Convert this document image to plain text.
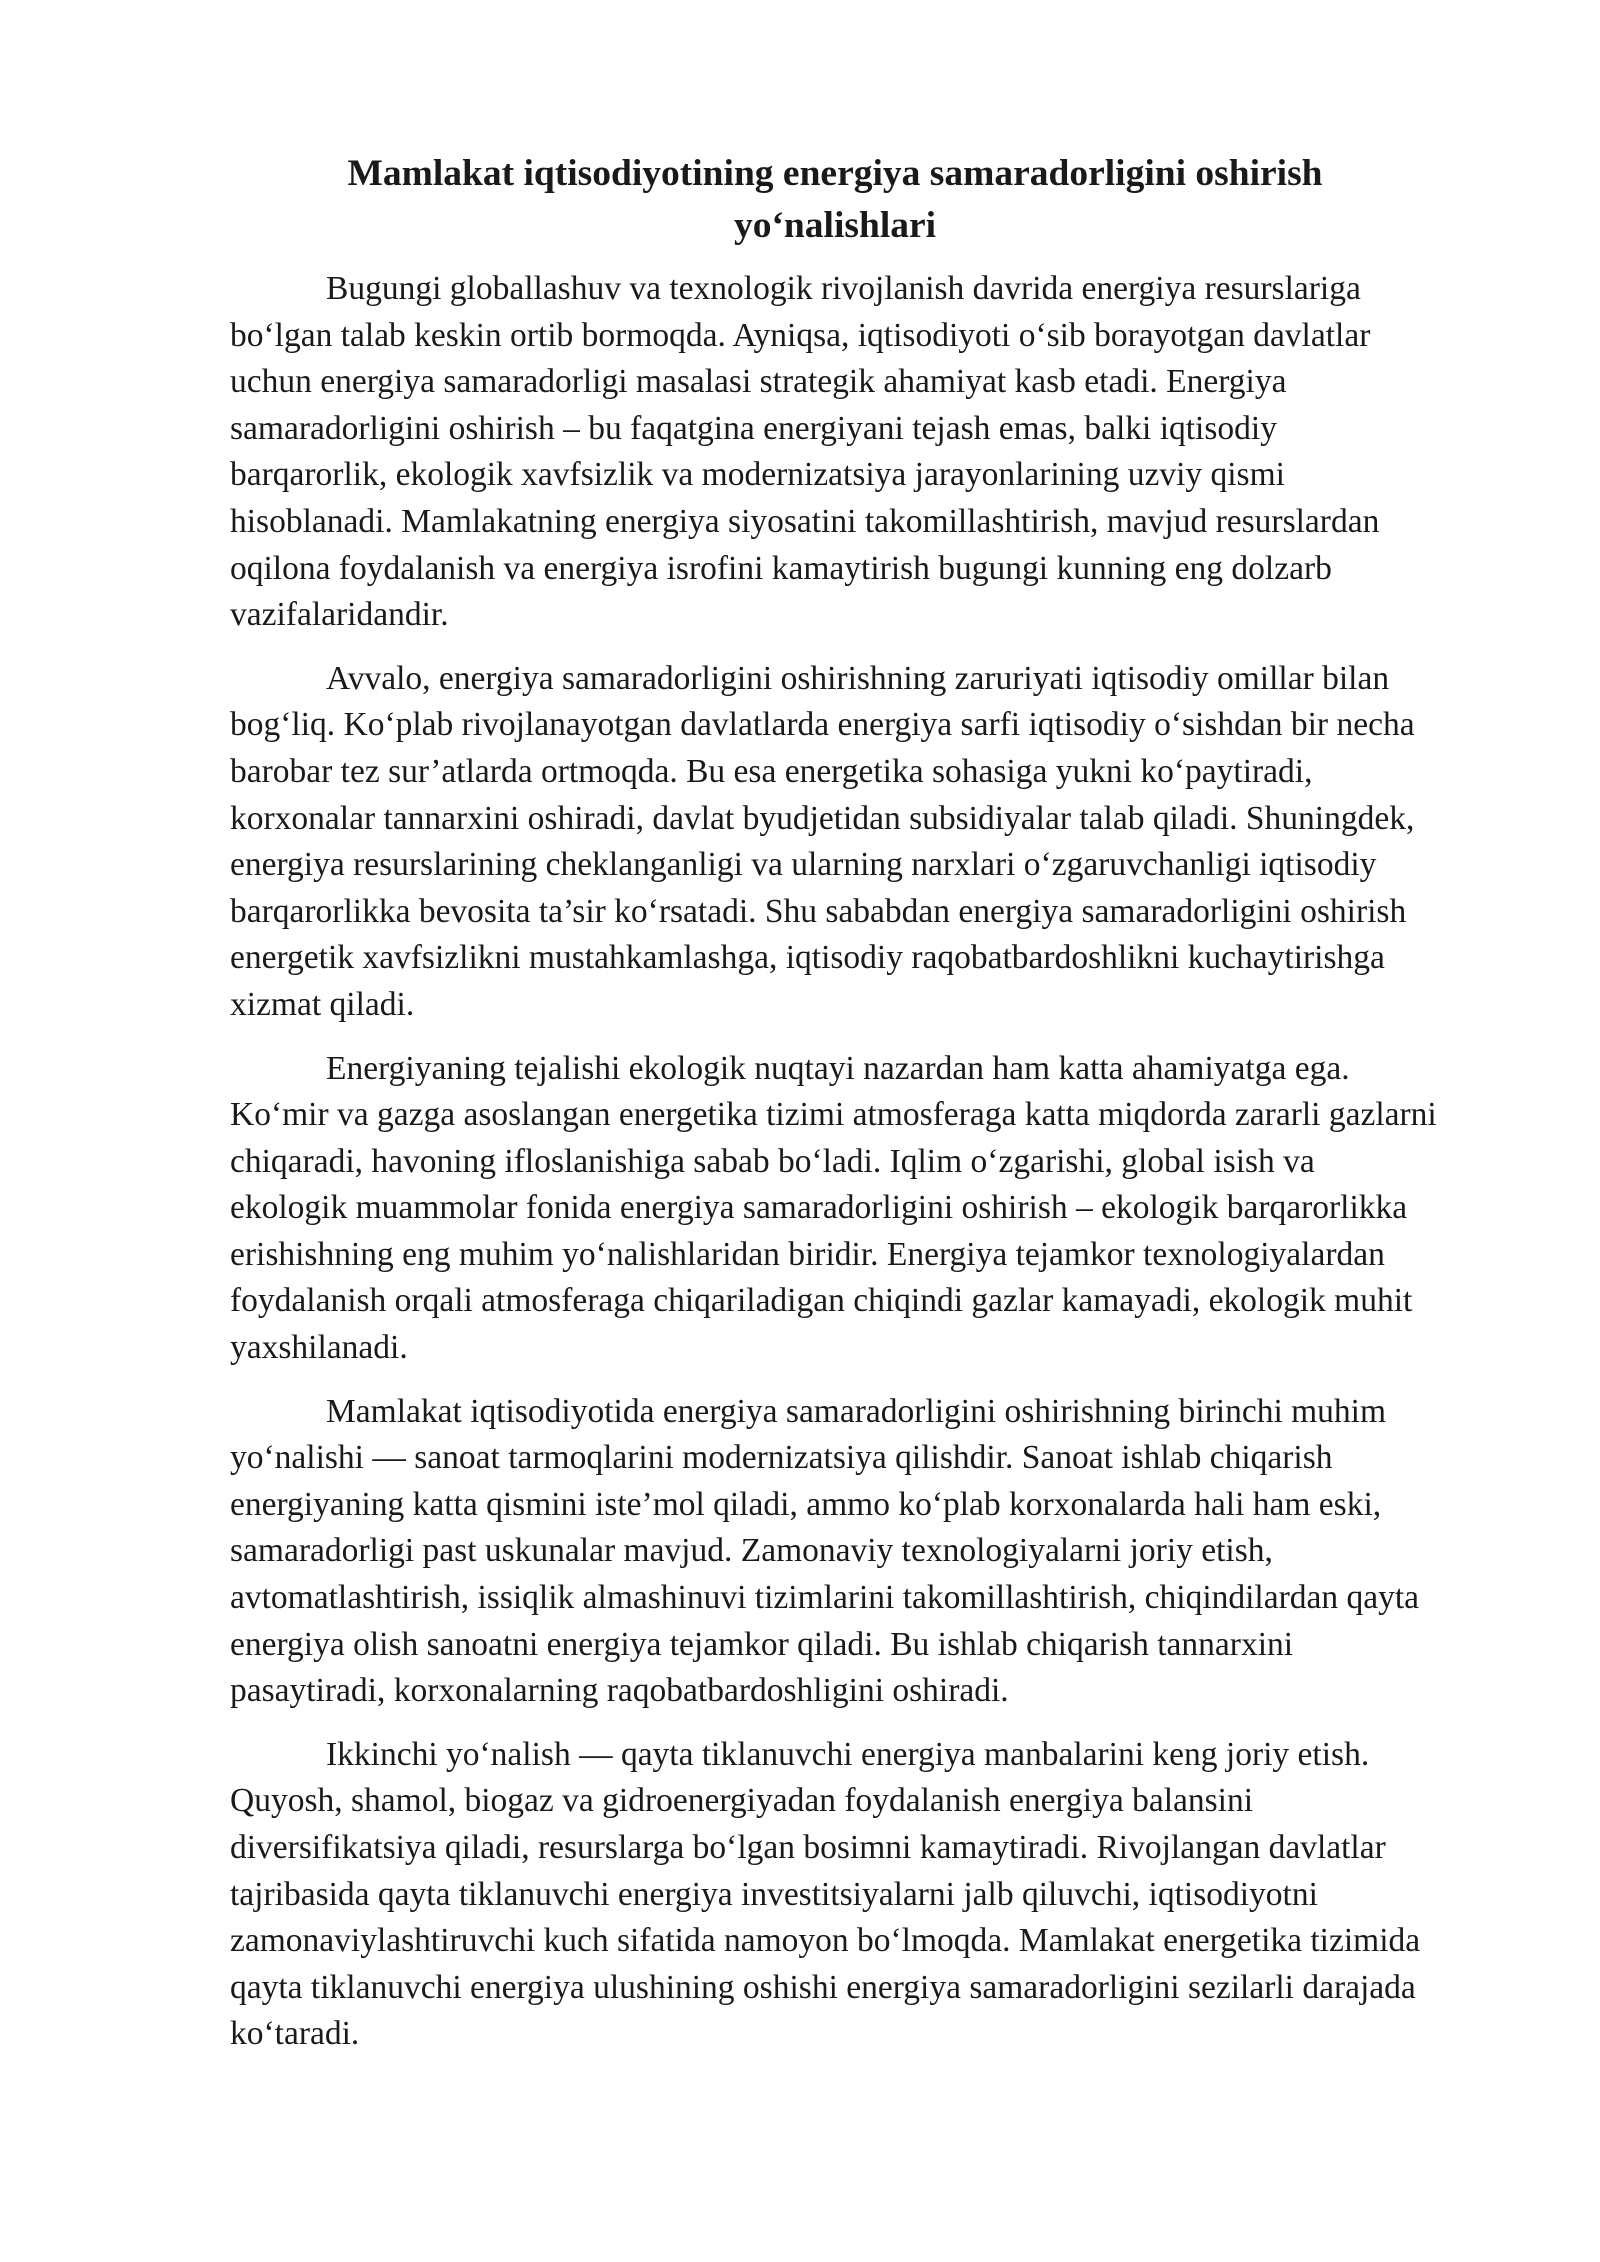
Mamlakat iqtisodiyotining energiya samaradorligini oshirish
yo‘nalishlari

Bugungi globallashuv va texnologik rivojlanish davrida energiya resurslariga bo‘lgan talab keskin ortib bormoqda. Ayniqsa, iqtisodiyoti o‘sib borayotgan davlatlar uchun energiya samaradorligi masalasi strategik ahamiyat kasb etadi. Energiya samaradorligini oshirish – bu faqatgina energiyani tejash emas, balki iqtisodiy barqarorlik, ekologik xavfsizlik va modernizatsiya jarayonlarining uzviy qismi hisoblanadi. Mamlakatning energiya siyosatini takomillashtirish, mavjud resurslardan oqilona foydalanish va energiya isrofini kamaytirish bugungi kunning eng dolzarb vazifalaridandir.

Avvalo, energiya samaradorligini oshirishning zaruriyati iqtisodiy omillar bilan bog‘liq. Ko‘plab rivojlanayotgan davlatlarda energiya sarfi iqtisodiy o‘sishdan bir necha barobar tez sur’atlarda ortmoqda. Bu esa energetika sohasiga yukni ko‘paytiradi, korxonalar tannarxini oshiradi, davlat byudjetidan subsidiyalar talab qiladi. Shuningdek, energiya resurslarining cheklanganligi va ularning narxlari o‘zgaruvchanligi iqtisodiy barqarorlikka bevosita ta’sir ko‘rsatadi. Shu sababdan energiya samaradorligini oshirish energetik xavfsizlikni mustahkamlashga, iqtisodiy raqobatbardoshlikni kuchaytirishga xizmat qiladi.

Energiyaning tejalishi ekologik nuqtayi nazardan ham katta ahamiyatga ega. Ko‘mir va gazga asoslangan energetika tizimi atmosferaga katta miqdorda zararli gazlarni chiqaradi, havoning ifloslanishiga sabab bo‘ladi. Iqlim o‘zgarishi, global isish va ekologik muammolar fonida energiya samaradorligini oshirish – ekologik barqarorlikka erishishning eng muhim yo‘nalishlaridan biridir. Energiya tejamkor texnologiyalardan foydalanish orqali atmosferaga chiqariladigan chiqindi gazlar kamayadi, ekologik muhit yaxshilanadi.

Mamlakat iqtisodiyotida energiya samaradorligini oshirishning birinchi muhim yo‘nalishi — sanoat tarmoqlarini modernizatsiya qilishdir. Sanoat ishlab chiqarish energiyaning katta qismini iste’mol qiladi, ammo ko‘plab korxonalarda hali ham eski, samaradorligi past uskunalar mavjud. Zamonaviy texnologiyalarni joriy etish, avtomatlashtirish, issiqlik almashinuvi tizimlarini takomillashtirish, chiqindilardan qayta energiya olish sanoatni energiya tejamkor qiladi. Bu ishlab chiqarish tannarxini pasaytiradi, korxonalarning raqobatbardoshligini oshiradi.

Ikkinchi yo‘nalish — qayta tiklanuvchi energiya manbalarini keng joriy etish. Quyosh, shamol, biogaz va gidroenergiyadan foydalanish energiya balansini diversifikatsiya qiladi, resurslarga bo‘lgan bosimni kamaytiradi. Rivojlangan davlatlar tajribasida qayta tiklanuvchi energiya investitsiyalarni jalb qiluvchi, iqtisodiyotni zamonaviylashtiruvchi kuch sifatida namoyon bo‘lmoqda. Mamlakat energetika tizimida qayta tiklanuvchi energiya ulushining oshishi energiya samaradorligini sezilarli darajada ko‘taradi.
